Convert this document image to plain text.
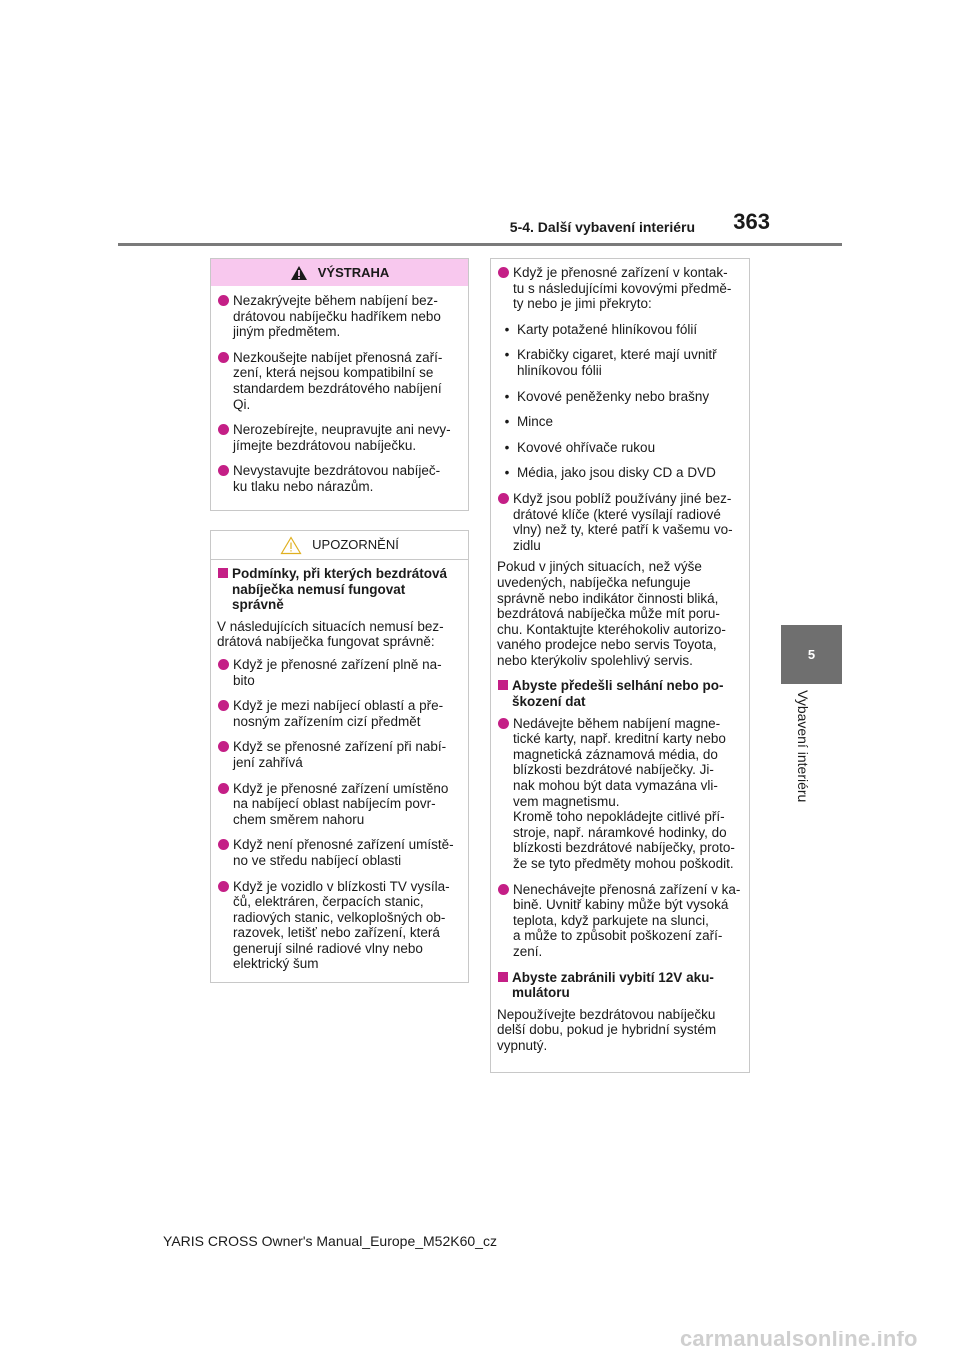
5-4. Další vybavení interiéru	363
5
Vybavení interiéru
VÝSTRAHA
Nezakrývejte během nabíjení bez-
drátovou nabíječku hadříkem nebo
jiným předmětem.
Nezkoušejte nabíjet přenosná zaří-
zení, která nejsou kompatibilní se
standardem bezdrátového nabíjení
Qi.
Nerozebírejte, neupravujte ani nevy-
jímejte bezdrátovou nabíječku.
Nevystavujte bezdrátovou nabíječ-
ku tlaku nebo nárazům.
UPOZORNĚNÍ
Podmínky, při kterých bezdrátová
nabíječka nemusí fungovat
správně
V následujících situacích nemusí bez-
drátová nabíječka fungovat správně:
Když je přenosné zařízení plně na-
bito
Když je mezi nabíjecí oblastí a pře-
nosným zařízením cizí předmět
Když se přenosné zařízení při nabí-
jení zahřívá
Když je přenosné zařízení umístěno
na nabíjecí oblast nabíjecím povr-
chem směrem nahoru
Když není přenosné zařízení umístě-
no ve středu nabíjecí oblasti
Když je vozidlo v blízkosti TV vysíla-
čů, elektráren, čerpacích stanic,
radiových stanic, velkoplošných ob-
razovek, letišť nebo zařízení, která
generují silné radiové vlny nebo
elektrický šum
Když je přenosné zařízení v kontak-
tu s následujícími kovovými předmě-
ty nebo je jimi překryto:
• Karty potažené hliníkovou fólií
• Krabičky cigaret, které mají uvnitř
hliníkovou fólii
• Kovové peněženky nebo brašny
• Mince
• Kovové ohřívače rukou
• Média, jako jsou disky CD a DVD
Když jsou poblíž používány jiné bez-
drátové klíče (které vysílají radiové
vlny) než ty, které patří k vašemu vo-
zidlu
Pokud v jiných situacích, než výše
uvedených, nabíječka nefunguje
správně nebo indikátor činnosti bliká,
bezdrátová nabíječka může mít poru-
chu. Kontaktujte kteréhokoliv autorizo-
vaného prodejce nebo servis Toyota,
nebo kterýkoliv spolehlivý servis.
Abyste předešli selhání nebo po-
škození dat
Nedávejte během nabíjení magne-
tické karty, např. kreditní karty nebo
magnetická záznamová média, do
blízkosti bezdrátové nabíječky. Ji-
nak mohou být data vymazána vli-
vem magnetismu.
Kromě toho nepokládejte citlivé pří-
stroje, např. náramkové hodinky, do
blízkosti bezdrátové nabíječky, proto-
že se tyto předměty mohou poškodit.
Nenechávejte přenosná zařízení v ka-
bině. Uvnitř kabiny může být vysoká
teplota, když parkujete na slunci,
a může to způsobit poškození zaří-
zení.
Abyste zabránili vybití 12V aku-
mulátoru
Nepoužívejte bezdrátovou nabíječku
delší dobu, pokud je hybridní systém
vypnutý.
YARIS CROSS Owner's Manual_Europe_M52K60_cz
carmanualsonline.info
